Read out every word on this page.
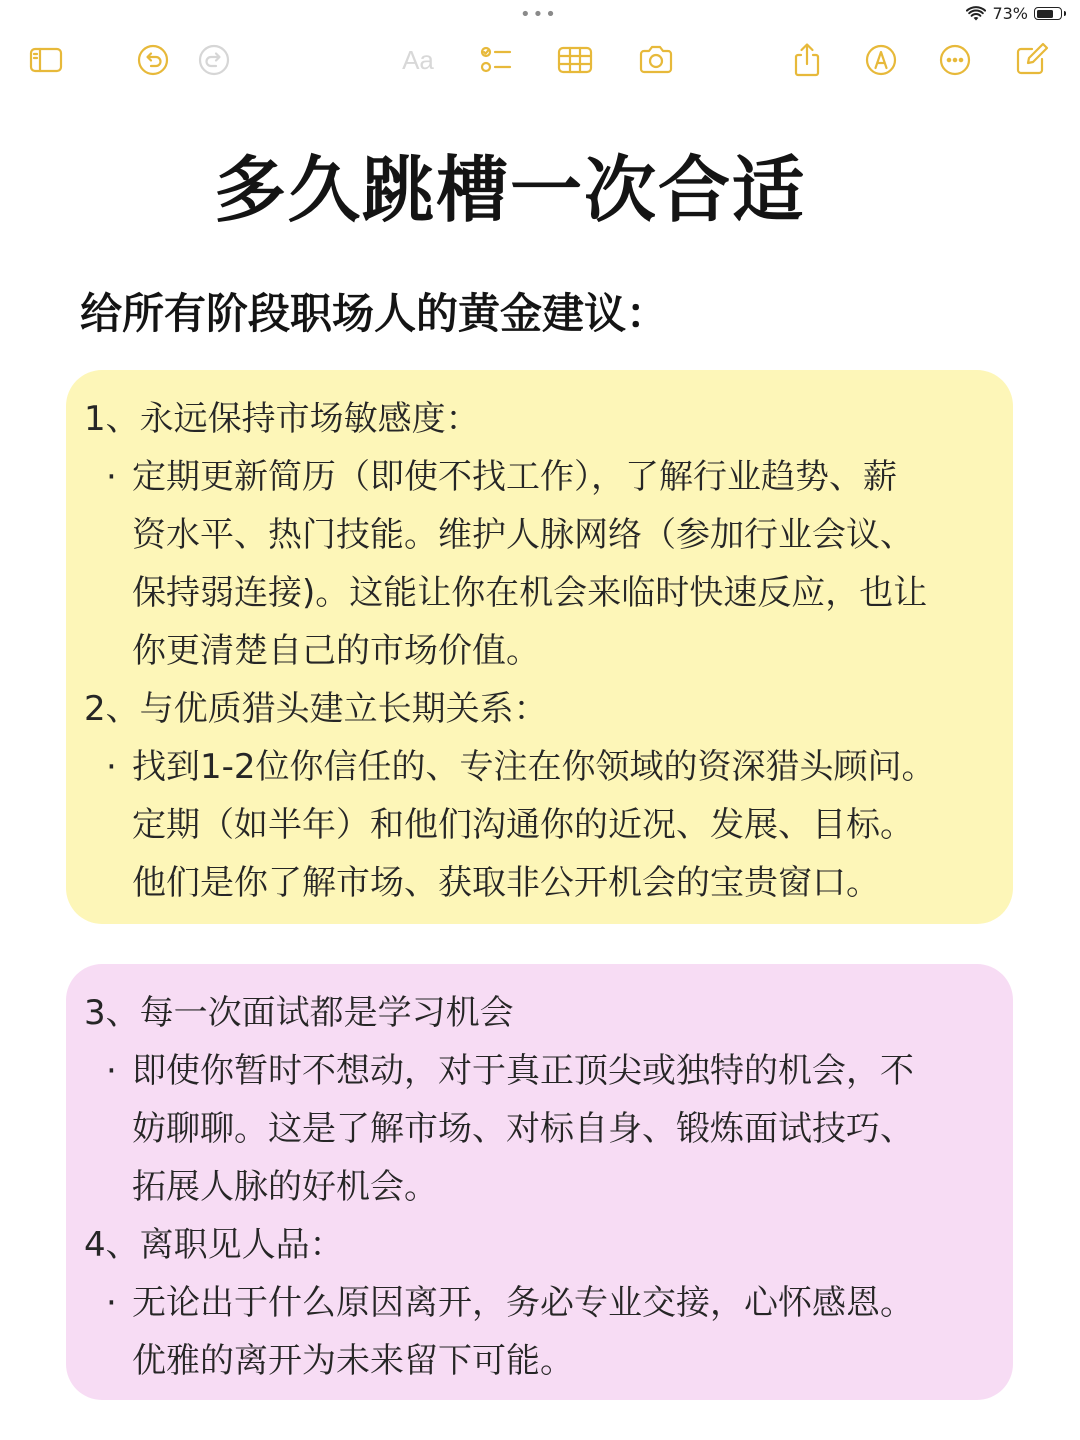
•••	73%
Aa
多久跳槽一次合适
给所有阶段职场人的黄金建议：
1、永远保持市场敏感度：
· 定期更新简历（即使不找工作），了解行业趋势、薪
资水平、热门技能。维护人脉网络（参加行业会议、
保持弱连接)。这能让你在机会来临时快速反应，也让
你更清楚自己的市场价值。
2、与优质猎头建立长期关系：
· 找到1-2位你信任的、专注在你领域的资深猎头顾问。
定期（如半年）和他们沟通你的近况、发展、目标。
他们是你了解市场、获取非公开机会的宝贵窗口。
3、每一次面试都是学习机会
· 即使你暂时不想动，对于真正顶尖或独特的机会，不
妨聊聊。这是了解市场、对标自身、锻炼面试技巧、
拓展人脉的好机会。
4、离职见人品：
· 无论出于什么原因离开，务必专业交接，心怀感恩。
优雅的离开为未来留下可能。
